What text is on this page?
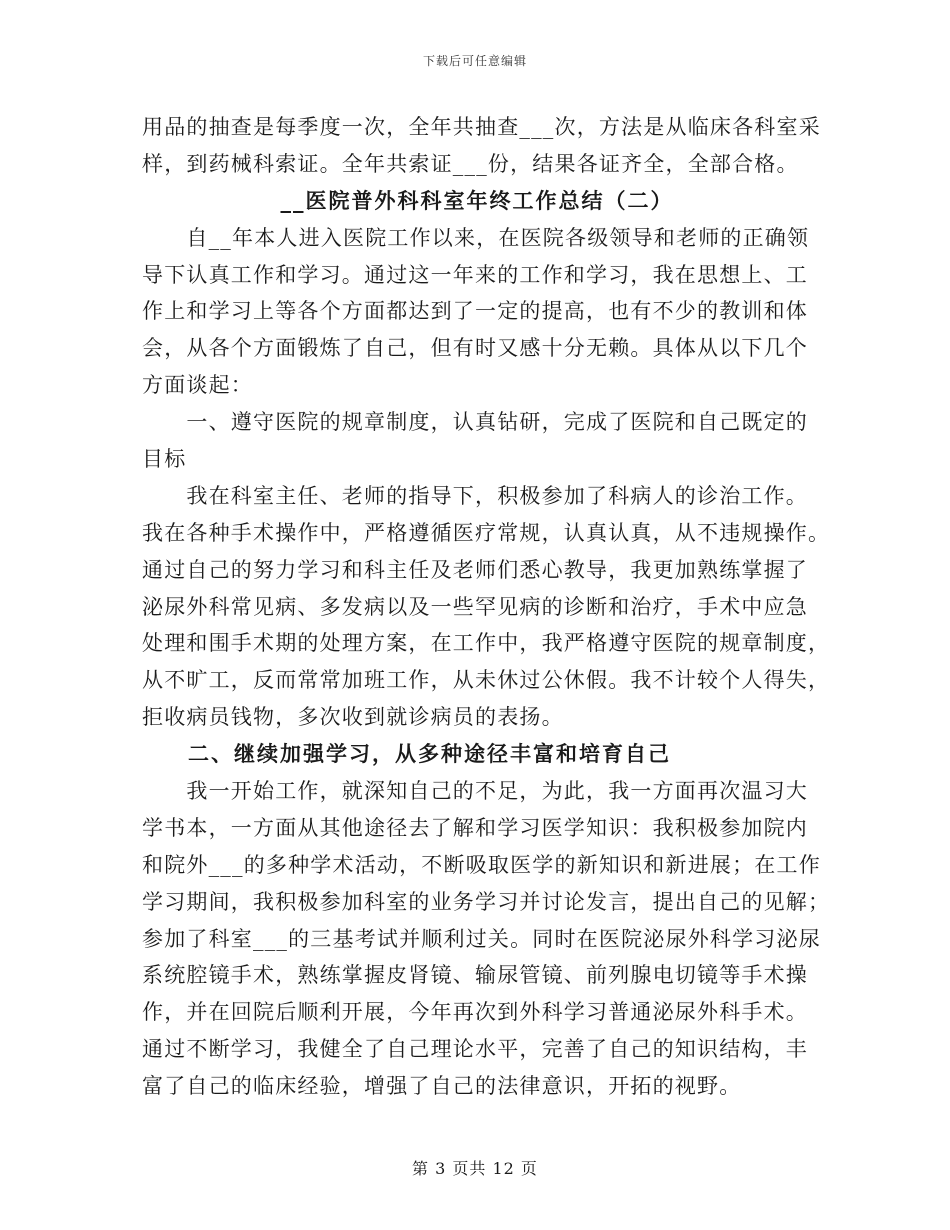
下载后可任意编辑
用品的抽查是每季度一次，全年共抽查___次，方法是从临床各科室采
样，到药械科索证。全年共索证___份，结果各证齐全，全部合格。
__医院普外科科室年终工作总结（二）
　　自__年本人进入医院工作以来，在医院各级领导和老师的正确领
导下认真工作和学习。通过这一年来的工作和学习，我在思想上、工
作上和学习上等各个方面都达到了一定的提高，也有不少的教训和体
会，从各个方面锻炼了自己，但有时又感十分无赖。具体从以下几个
方面谈起：
　　一、遵守医院的规章制度，认真钻研，完成了医院和自己既定的
目标
　　我在科室主任、老师的指导下，积极参加了科病人的诊治工作。
我在各种手术操作中，严格遵循医疗常规，认真认真，从不违规操作。
通过自己的努力学习和科主任及老师们悉心教导，我更加熟练掌握了
泌尿外科常见病、多发病以及一些罕见病的诊断和治疗，手术中应急
处理和围手术期的处理方案，在工作中，我严格遵守医院的规章制度，
从不旷工，反而常常加班工作，从未休过公休假。我不计较个人得失，
拒收病员钱物，多次收到就诊病员的表扬。
　　二、继续加强学习，从多种途径丰富和培育自己
　　我一开始工作，就深知自己的不足，为此，我一方面再次温习大
学书本，一方面从其他途径去了解和学习医学知识：我积极参加院内
和院外___的多种学术活动，不断吸取医学的新知识和新进展；在工作
学习期间，我积极参加科室的业务学习并讨论发言，提出自己的见解；
参加了科室___的三基考试并顺利过关。同时在医院泌尿外科学习泌尿
系统腔镜手术，熟练掌握皮肾镜、输尿管镜、前列腺电切镜等手术操
作，并在回院后顺利开展，今年再次到外科学习普通泌尿外科手术。
通过不断学习，我健全了自己理论水平，完善了自己的知识结构，丰
富了自己的临床经验，增强了自己的法律意识，开拓的视野。
第 3 页共 12 页
